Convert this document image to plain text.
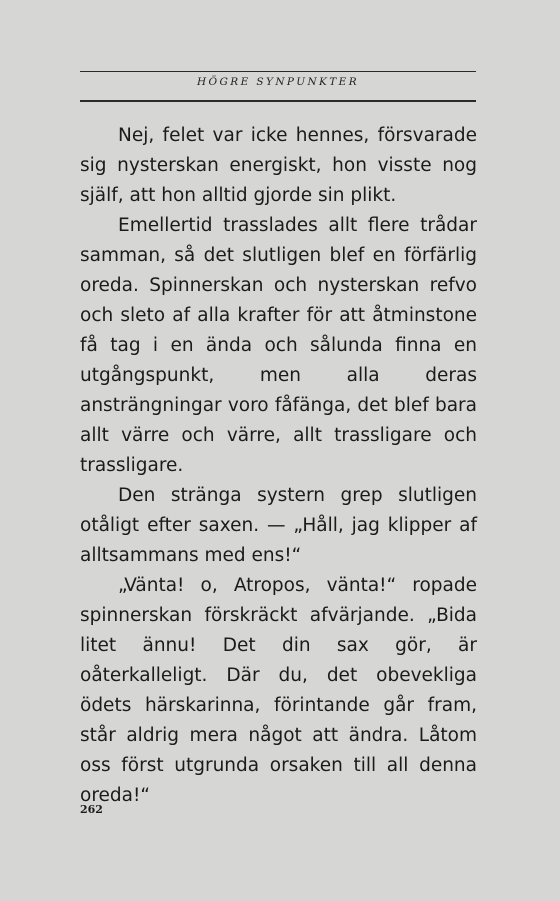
HÖGRE SYNPUNKTER

Nej, felet var icke hennes, försvarade sig nysterskan energiskt, hon visste nog själf, att hon alltid gjorde sin plikt.

Emellertid trasslades allt flere trådar samman, så det slutligen blef en förfärlig oreda. Spinnerskan och nysterskan refvo och sleto af alla krafter för att åtminstone få tag i en ända och sålunda finna en utgångspunkt, men alla deras ansträngningar voro fåfänga, det blef bara allt värre och värre, allt trassligare och trassligare.

Den stränga systern grep slutligen otåligt efter saxen. — „Håll, jag klipper af alltsammans med ens!“

„Vänta! o, Atropos, vänta!“ ropade spinnerskan förskräckt afvärjande. „Bida litet ännu! Det din sax gör, är oåterkalleligt. Där du, det obevekliga ödets härskarinna, förintande går fram, står aldrig mera något att ändra. Låtom oss först utgrunda orsaken till all denna oreda!“

262
